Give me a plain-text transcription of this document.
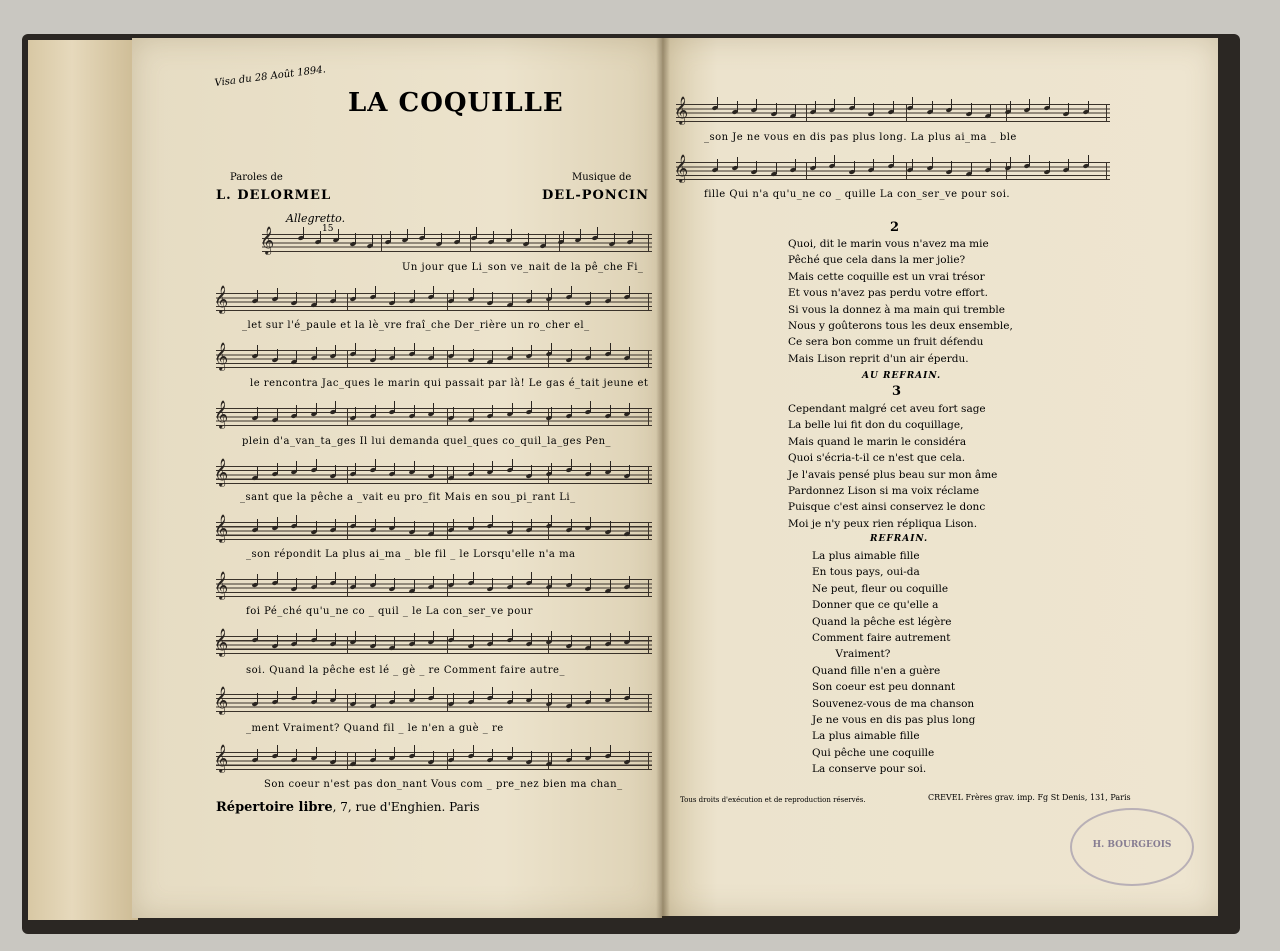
Visa du 28 Août 1894.
LA COQUILLE
Paroles de
L. DELORMEL
Musique de
DEL-PONCIN
Allegretto.
15
𝄞
Un jour que Li_son ve_nait de la pê_che Fi_
𝄞
_let sur l'é_paule et la lè_vre fraî_che Der_rière un ro_cher el_
𝄞
le rencontra Jac_ques le marin qui passait par là! Le gas é_tait jeune et
𝄞
plein d'a_van_ta_ges Il lui demanda quel_ques co_quil_la_ges Pen_
𝄞
_sant que la pêche a _vait eu pro_fit Mais en sou_pi_rant Li_
𝄞
_son répondit La plus ai_ma _ ble fil _ le Lorsqu'elle n'a ma
𝄞
foi Pé_ché qu'u_ne co _ quil _ le La con_ser_ve pour
𝄞
soi. Quand la pêche est lé _ gè _ re Comment faire autre_
𝄞
_ment Vraiment? Quand fil _ le n'en a guè _ re
𝄞
Son coeur n'est pas don_nant Vous com _ pre_nez bien ma chan_
Répertoire libre, 7, rue d'Enghien. Paris
𝄞
_son Je ne vous en dis pas plus long. La plus ai_ma _ ble
𝄞
fille Qui n'a qu'u_ne co _ quille La con_ser_ve pour soi.
2
Quoi, dit le marin vous n'avez ma mie
Pêché que cela dans la mer jolie?
Mais cette coquille est un vrai trésor
Et vous n'avez pas perdu votre effort.
Si vous la donnez à ma main qui tremble
Nous y goûterons tous les deux ensemble,
Ce sera bon comme un fruit défendu
Mais Lison reprit d'un air éperdu.
AU REFRAIN.
3
Cependant malgré cet aveu fort sage
La belle lui fit don du coquillage,
Mais quand le marin le considéra
Quoi s'écria-t-il ce n'est que cela.
Je l'avais pensé plus beau sur mon âme
Pardonnez Lison si ma voix réclame
Puisque c'est ainsi conservez le donc
Moi je n'y peux rien répliqua Lison.
REFRAIN.
La plus aimable fille
En tous pays, oui-da
Ne peut, fleur ou coquille
Donner que ce qu'elle a
Quand la pêche est légère
Comment faire autrement
Vraiment?
Quand fille n'en a guère
Son coeur est peu donnant
Souvenez-vous de ma chanson
Je ne vous en dis pas plus long
La plus aimable fille
Qui pêche une coquille
La conserve pour soi.
Tous droits d'exécution et de reproduction réservés.	CREVEL Frères grav. imp. Fg St Denis, 131, Paris
H. BOURGEOIS
